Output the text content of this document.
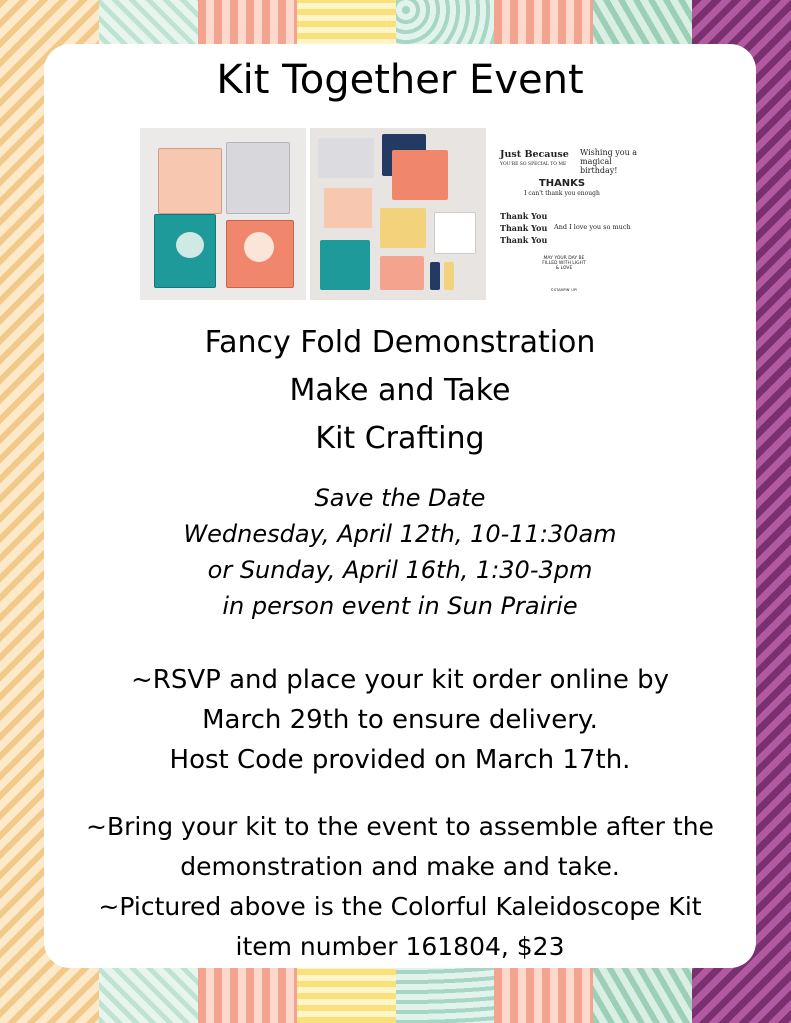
Kit Together Event
Just Because
YOU'RE SO SPECIAL TO ME
Wishing you a magical birthday!
THANKS
I can't thank you enough
Thank You
Thank You
Thank You
And I love you so much
MAY YOUR DAY BE FILLED WITH LIGHT & LOVE
©STAMPIN' UP!
Fancy Fold Demonstration
Make and Take
Kit Crafting
Save the Date
Wednesday, April 12th, 10-11:30am
or Sunday, April 16th, 1:30-3pm
in person event in Sun Prairie
~RSVP and place your kit order online by
March 29th to ensure delivery.
Host Code provided on March 17th.
~Bring your kit to the event to assemble after the
demonstration and make and take.
~Pictured above is the Colorful Kaleidoscope Kit
item number 161804, $23
